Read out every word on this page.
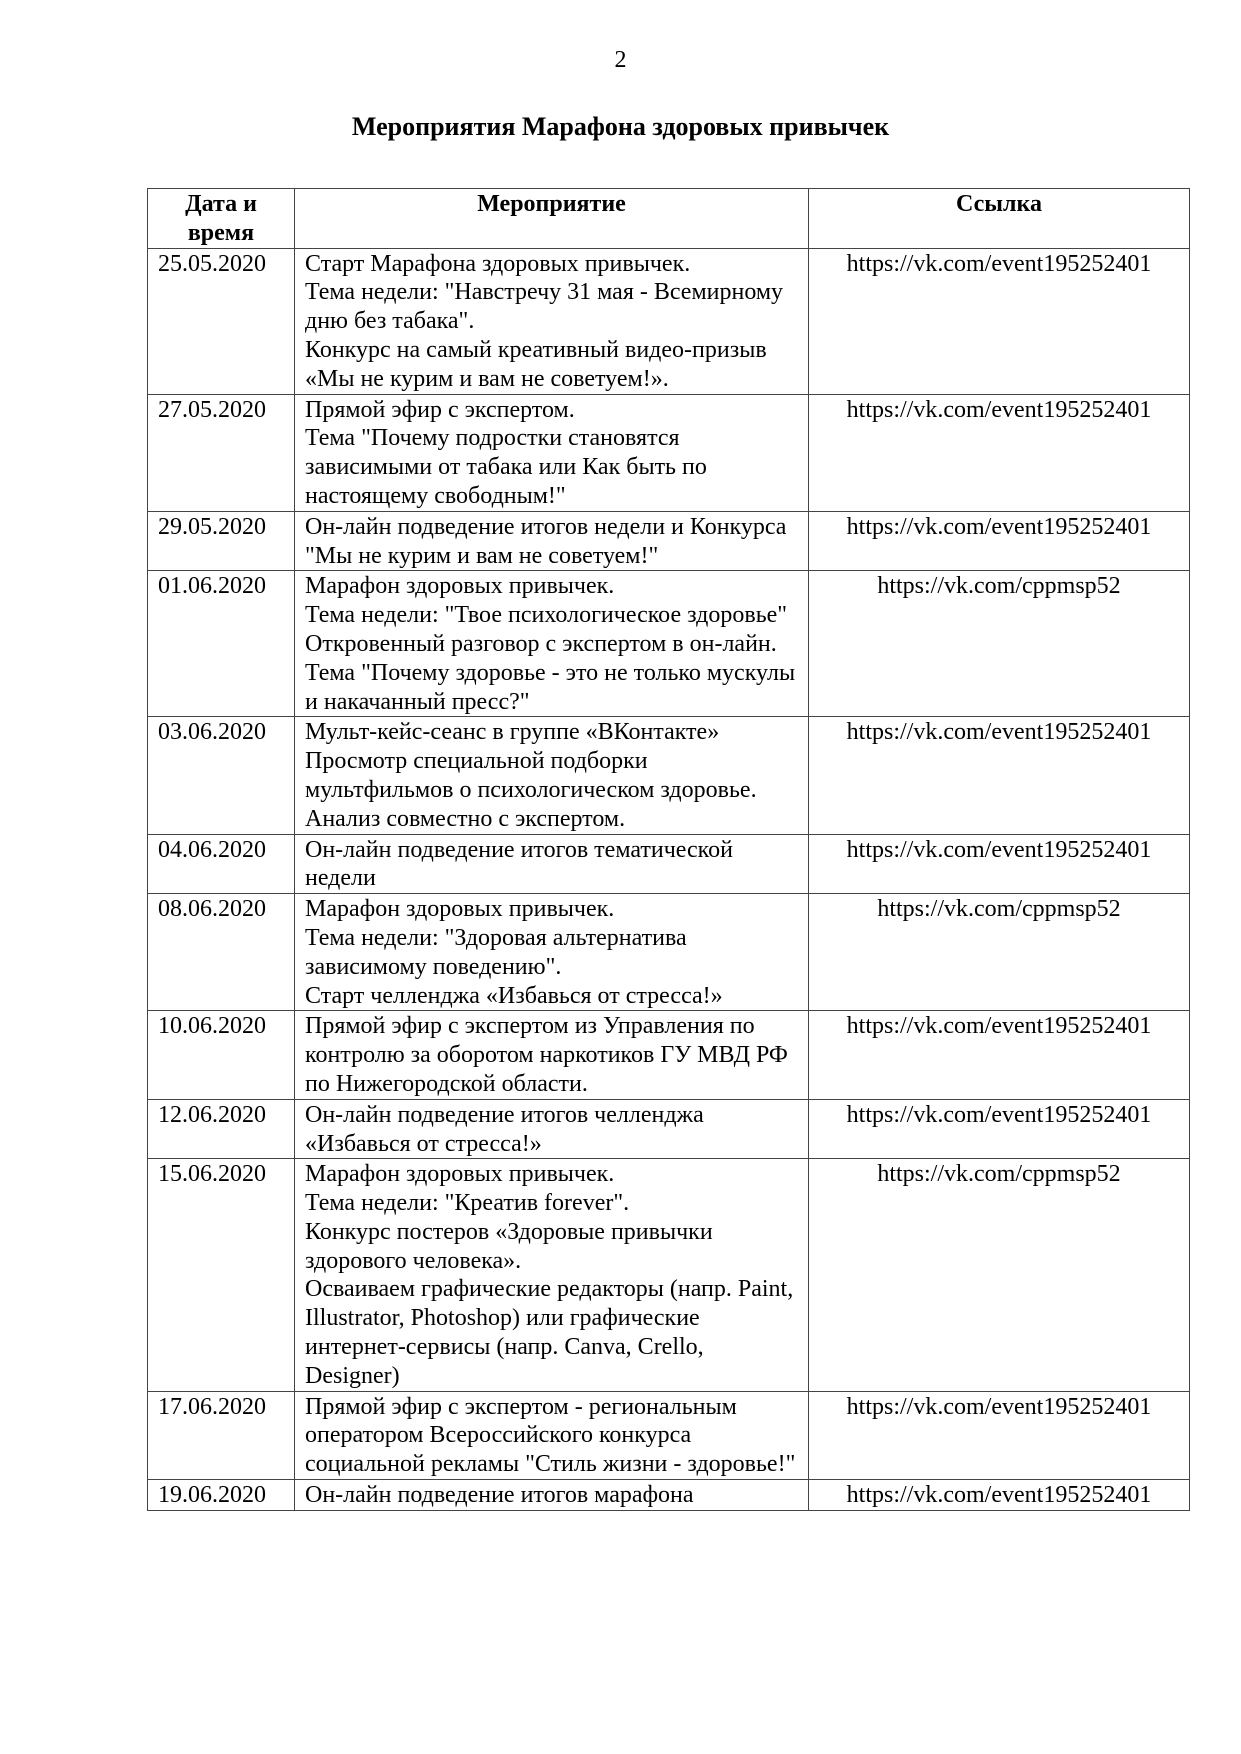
2
Мероприятия Марафона здоровых привычек
Дата и время	Мероприятие	Ссылка
25.05.2020	Старт Марафона здоровых привычек.
Тема недели: "Навстречу 31 мая - Всемирному дню без табака".
Конкурс на самый креативный видео-призыв «Мы не курим и вам не советуем!».	https://vk.com/event195252401
27.05.2020	Прямой эфир с экспертом.
Тема "Почему подростки становятся зависимыми от табака или Как быть по настоящему свободным!"	https://vk.com/event195252401
29.05.2020	Он-лайн подведение итогов недели и Конкурса "Мы не курим и вам не советуем!"	https://vk.com/event195252401
01.06.2020	Марафон здоровых привычек.
Тема недели: "Твое психологическое здоровье"
Откровенный разговор с экспертом в он-лайн.
Тема "Почему здоровье - это не только мускулы и накачанный пресс?"	https://vk.com/cppmsp52
03.06.2020	Мульт-кейс-сеанс в группе «ВКонтакте»
Просмотр специальной подборки мультфильмов о психологическом здоровье.
Анализ совместно с экспертом.	https://vk.com/event195252401
04.06.2020	Он-лайн подведение итогов тематической недели	https://vk.com/event195252401
08.06.2020	Марафон здоровых привычек.
Тема недели: "Здоровая альтернатива зависимому поведению".
Старт челленджа «Избавься от стресса!»	https://vk.com/cppmsp52
10.06.2020	Прямой эфир с экспертом из Управления по контролю за оборотом наркотиков ГУ МВД РФ по Нижегородской области.	https://vk.com/event195252401
12.06.2020	Он-лайн подведение итогов челленджа «Избавься от стресса!»	https://vk.com/event195252401
15.06.2020	Марафон здоровых привычек.
Тема недели: "Креатив forever".
Конкурс постеров «Здоровые привычки здорового человека».
Осваиваем графические редакторы (напр. Paint, Illustrator, Photoshop) или графические интернет-сервисы (напр. Canva, Crello, Designer)	https://vk.com/cppmsp52
17.06.2020	Прямой эфир с экспертом - региональным оператором Всероссийского конкурса социальной рекламы "Стиль жизни - здоровье!"	https://vk.com/event195252401
19.06.2020	Он-лайн подведение итогов марафона	https://vk.com/event195252401
